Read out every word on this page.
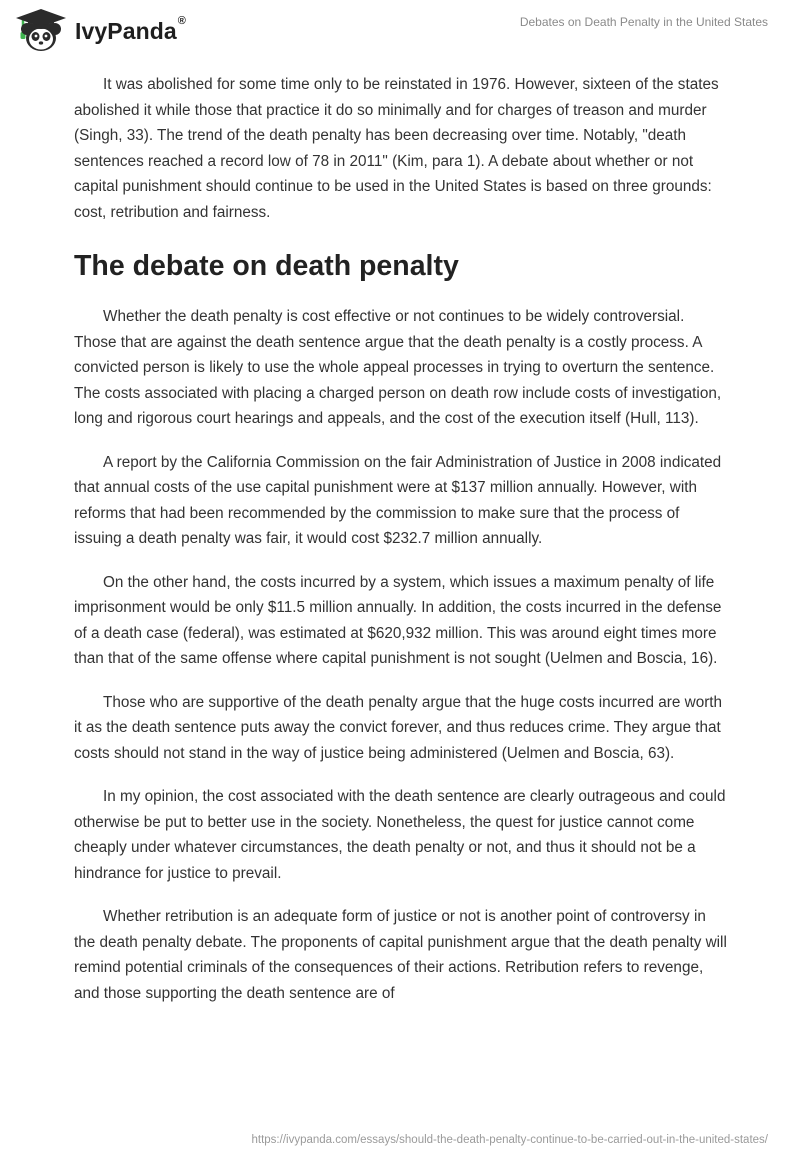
IvyPanda®	Debates on Death Penalty in the United States

It was abolished for some time only to be reinstated in 1976. However, sixteen of the states abolished it while those that practice it do so minimally and for charges of treason and murder (Singh, 33). The trend of the death penalty has been decreasing over time. Notably, "death sentences reached a record low of 78 in 2011" (Kim, para 1). A debate about whether or not capital punishment should continue to be used in the United States is based on three grounds: cost, retribution and fairness.

The debate on death penalty

Whether the death penalty is cost effective or not continues to be widely controversial. Those that are against the death sentence argue that the death penalty is a costly process. A convicted person is likely to use the whole appeal processes in trying to overturn the sentence. The costs associated with placing a charged person on death row include costs of investigation, long and rigorous court hearings and appeals, and the cost of the execution itself (Hull, 113).

A report by the California Commission on the fair Administration of Justice in 2008 indicated that annual costs of the use capital punishment were at $137 million annually. However, with reforms that had been recommended by the commission to make sure that the process of issuing a death penalty was fair, it would cost $232.7 million annually.

On the other hand, the costs incurred by a system, which issues a maximum penalty of life imprisonment would be only $11.5 million annually. In addition, the costs incurred in the defense of a death case (federal), was estimated at $620,932 million. This was around eight times more than that of the same offense where capital punishment is not sought (Uelmen and Boscia, 16).

Those who are supportive of the death penalty argue that the huge costs incurred are worth it as the death sentence puts away the convict forever, and thus reduces crime. They argue that costs should not stand in the way of justice being administered (Uelmen and Boscia, 63).

In my opinion, the cost associated with the death sentence are clearly outrageous and could otherwise be put to better use in the society. Nonetheless, the quest for justice cannot come cheaply under whatever circumstances, the death penalty or not, and thus it should not be a hindrance for justice to prevail.

Whether retribution is an adequate form of justice or not is another point of controversy in the death penalty debate. The proponents of capital punishment argue that the death penalty will remind potential criminals of the consequences of their actions. Retribution refers to revenge, and those supporting the death sentence are of

https://ivypanda.com/essays/should-the-death-penalty-continue-to-be-carried-out-in-the-united-states/
